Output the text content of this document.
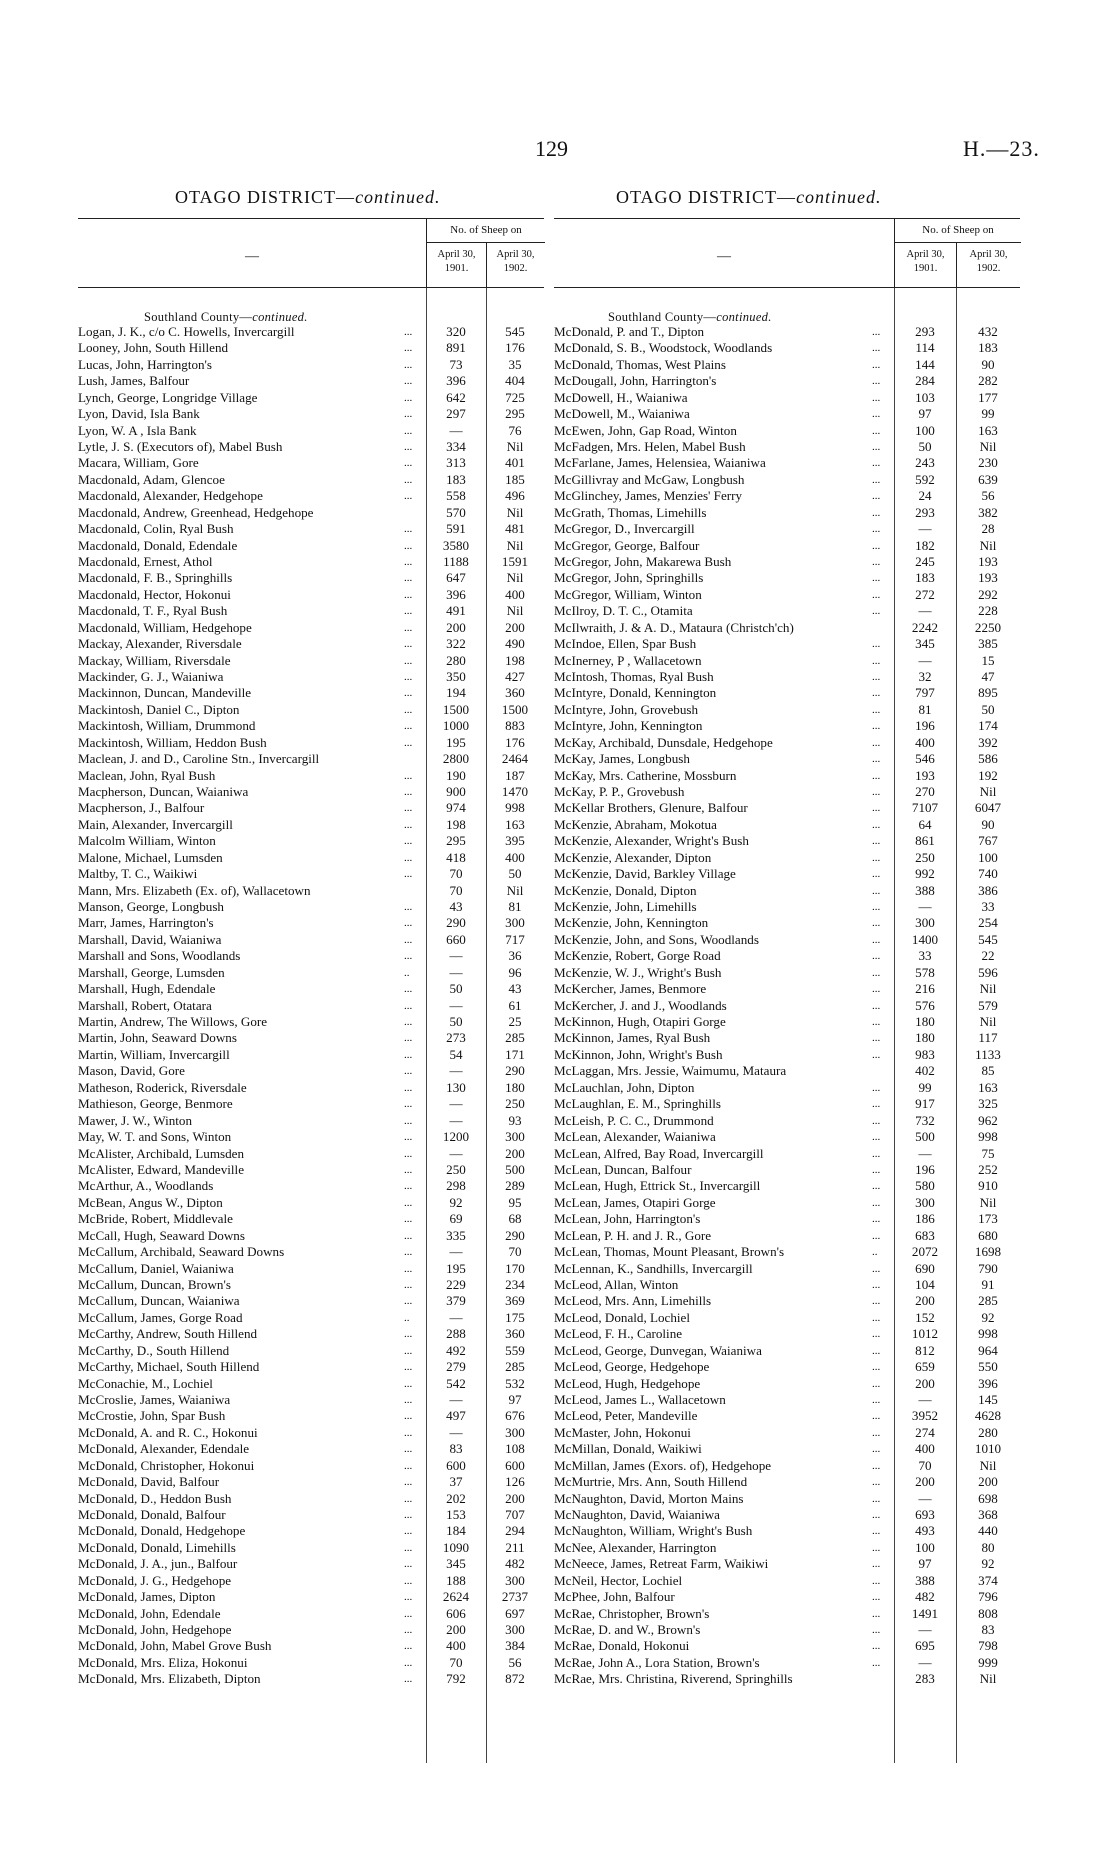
129	H.—23.
OTAGO DISTRICT—continued.
—
No. of Sheep on
April 30,
1901.
April 30,
1902.
Southland County—continued.
Logan, J. K., c/o C. Howells, Invercargill	...	320	545
Looney, John, South Hillend	...	891	176
Lucas, John, Harrington's	...	73	35
Lush, James, Balfour	...	396	404
Lynch, George, Longridge Village	...	642	725
Lyon, David, Isla Bank	...	297	295
Lyon, W. A , Isla Bank	...	—	76
Lytle, J. S. (Executors of), Mabel Bush	...	334	Nil
Macara, William, Gore	...	313	401
Macdonald, Adam, Glencoe	...	183	185
Macdonald, Alexander, Hedgehope	...	558	496
Macdonald, Andrew, Greenhead, Hedgehope	570	Nil
Macdonald, Colin, Ryal Bush	...	591	481
Macdonald, Donald, Edendale	...	3580	Nil
Macdonald, Ernest, Athol	...	1188	1591
Macdonald, F. B., Springhills	...	647	Nil
Macdonald, Hector, Hokonui	...	396	400
Macdonald, T. F., Ryal Bush	...	491	Nil
Macdonald, William, Hedgehope	...	200	200
Mackay, Alexander, Riversdale	...	322	490
Mackay, William, Riversdale	...	280	198
Mackinder, G. J., Waianiwa	...	350	427
Mackinnon, Duncan, Mandeville	...	194	360
Mackintosh, Daniel C., Dipton	...	1500	1500
Mackintosh, William, Drummond	...	1000	883
Mackintosh, William, Heddon Bush	...	195	176
Maclean, J. and D., Caroline Stn., Invercargill	2800	2464
Maclean, John, Ryal Bush	...	190	187
Macpherson, Duncan, Waianiwa	...	900	1470
Macpherson, J., Balfour	...	974	998
Main, Alexander, Invercargill	...	198	163
Malcolm William, Winton	...	295	395
Malone, Michael, Lumsden	...	418	400
Maltby, T. C., Waikiwi	...	70	50
Mann, Mrs. Elizabeth (Ex. of), Wallacetown	70	Nil
Manson, George, Longbush	...	43	81
Marr, James, Harrington's	...	290	300
Marshall, David, Waianiwa	...	660	717
Marshall and Sons, Woodlands	...	—	36
Marshall, George, Lumsden	..	—	96
Marshall, Hugh, Edendale	...	50	43
Marshall, Robert, Otatara	...	—	61
Martin, Andrew, The Willows, Gore	...	50	25
Martin, John, Seaward Downs	...	273	285
Martin, William, Invercargill	...	54	171
Mason, David, Gore	...	—	290
Matheson, Roderick, Riversdale	...	130	180
Mathieson, George, Benmore	...	—	250
Mawer, J. W., Winton	...	—	93
May, W. T. and Sons, Winton	...	1200	300
McAlister, Archibald, Lumsden	...	—	200
McAlister, Edward, Mandeville	...	250	500
McArthur, A., Woodlands	...	298	289
McBean, Angus W., Dipton	...	92	95
McBride, Robert, Middlevale	...	69	68
McCall, Hugh, Seaward Downs	...	335	290
McCallum, Archibald, Seaward Downs	...	—	70
McCallum, Daniel, Waianiwa	...	195	170
McCallum, Duncan, Brown's	...	229	234
McCallum, Duncan, Waianiwa	...	379	369
McCallum, James, Gorge Road	..	—	175
McCarthy, Andrew, South Hillend	...	288	360
McCarthy, D., South Hillend	...	492	559
McCarthy, Michael, South Hillend	...	279	285
McConachie, M., Lochiel	...	542	532
McCroslie, James, Waianiwa	...	—	97
McCrostie, John, Spar Bush	...	497	676
McDonald, A. and R. C., Hokonui	...	—	300
McDonald, Alexander, Edendale	...	83	108
McDonald, Christopher, Hokonui	...	600	600
McDonald, David, Balfour	...	37	126
McDonald, D., Heddon Bush	...	202	200
McDonald, Donald, Balfour	...	153	707
McDonald, Donald, Hedgehope	...	184	294
McDonald, Donald, Limehills	...	1090	211
McDonald, J. A., jun., Balfour	...	345	482
McDonald, J. G., Hedgehope	...	188	300
McDonald, James, Dipton	...	2624	2737
McDonald, John, Edendale	...	606	697
McDonald, John, Hedgehope	...	200	300
McDonald, John, Mabel Grove Bush	...	400	384
McDonald, Mrs. Eliza, Hokonui	...	70	56
McDonald, Mrs. Elizabeth, Dipton	...	792	872
OTAGO DISTRICT—continued.
—
No. of Sheep on
April 30,
1901.
April 30,
1902.
Southland County—continued.
McDonald, P. and T., Dipton	...	293	432
McDonald, S. B., Woodstock, Woodlands	...	114	183
McDonald, Thomas, West Plains	...	144	90
McDougall, John, Harrington's	...	284	282
McDowell, H., Waianiwa	...	103	177
McDowell, M., Waianiwa	...	97	99
McEwen, John, Gap Road, Winton	...	100	163
McFadgen, Mrs. Helen, Mabel Bush	...	50	Nil
McFarlane, James, Helensiea, Waianiwa	...	243	230
McGillivray and McGaw, Longbush	...	592	639
McGlinchey, James, Menzies' Ferry	...	24	56
McGrath, Thomas, Limehills	...	293	382
McGregor, D., Invercargill	...	—	28
McGregor, George, Balfour	...	182	Nil
McGregor, John, Makarewa Bush	...	245	193
McGregor, John, Springhills	...	183	193
McGregor, William, Winton	...	272	292
McIlroy, D. T. C., Otamita	...	—	228
McIlwraith, J. & A. D., Mataura (Christch'ch)	2242	2250
McIndoe, Ellen, Spar Bush	...	345	385
McInerney, P , Wallacetown	...	—	15
McIntosh, Thomas, Ryal Bush	...	32	47
McIntyre, Donald, Kennington	...	797	895
McIntyre, John, Grovebush	...	81	50
McIntyre, John, Kennington	...	196	174
McKay, Archibald, Dunsdale, Hedgehope	...	400	392
McKay, James, Longbush	...	546	586
McKay, Mrs. Catherine, Mossburn	...	193	192
McKay, P. P., Grovebush	...	270	Nil
McKellar Brothers, Glenure, Balfour	...	7107	6047
McKenzie, Abraham, Mokotua	...	64	90
McKenzie, Alexander, Wright's Bush	...	861	767
McKenzie, Alexander, Dipton	...	250	100
McKenzie, David, Barkley Village	...	992	740
McKenzie, Donald, Dipton	...	388	386
McKenzie, John, Limehills	...	—	33
McKenzie, John, Kennington	...	300	254
McKenzie, John, and Sons, Woodlands	...	1400	545
McKenzie, Robert, Gorge Road	...	33	22
McKenzie, W. J., Wright's Bush	...	578	596
McKercher, James, Benmore	...	216	Nil
McKercher, J. and J., Woodlands	...	576	579
McKinnon, Hugh, Otapiri Gorge	...	180	Nil
McKinnon, James, Ryal Bush	...	180	117
McKinnon, John, Wright's Bush	...	983	1133
McLaggan, Mrs. Jessie, Waimumu, Mataura	402	85
McLauchlan, John, Dipton	...	99	163
McLaughlan, E. M., Springhills	...	917	325
McLeish, P. C. C., Drummond	...	732	962
McLean, Alexander, Waianiwa	...	500	998
McLean, Alfred, Bay Road, Invercargill	...	—	75
McLean, Duncan, Balfour	...	196	252
McLean, Hugh, Ettrick St., Invercargill	...	580	910
McLean, James, Otapiri Gorge	...	300	Nil
McLean, John, Harrington's	...	186	173
McLean, P. H. and J. R., Gore	...	683	680
McLean, Thomas, Mount Pleasant, Brown's	..	2072	1698
McLennan, K., Sandhills, Invercargill	...	690	790
McLeod, Allan, Winton	...	104	91
McLeod, Mrs. Ann, Limehills	...	200	285
McLeod, Donald, Lochiel	...	152	92
McLeod, F. H., Caroline	...	1012	998
McLeod, George, Dunvegan, Waianiwa	...	812	964
McLeod, George, Hedgehope	...	659	550
McLeod, Hugh, Hedgehope	...	200	396
McLeod, James L., Wallacetown	...	—	145
McLeod, Peter, Mandeville	...	3952	4628
McMaster, John, Hokonui	...	274	280
McMillan, Donald, Waikiwi	...	400	1010
McMillan, James (Exors. of), Hedgehope	...	70	Nil
McMurtrie, Mrs. Ann, South Hillend	...	200	200
McNaughton, David, Morton Mains	...	—	698
McNaughton, David, Waianiwa	...	693	368
McNaughton, William, Wright's Bush	...	493	440
McNee, Alexander, Harrington	...	100	80
McNeece, James, Retreat Farm, Waikiwi	...	97	92
McNeil, Hector, Lochiel	...	388	374
McPhee, John, Balfour	...	482	796
McRae, Christopher, Brown's	...	1491	808
McRae, D. and W., Brown's	...	—	83
McRae, Donald, Hokonui	...	695	798
McRae, John A., Lora Station, Brown's	...	—	999
McRae, Mrs. Christina, Riverend, Springhills	283	Nil
